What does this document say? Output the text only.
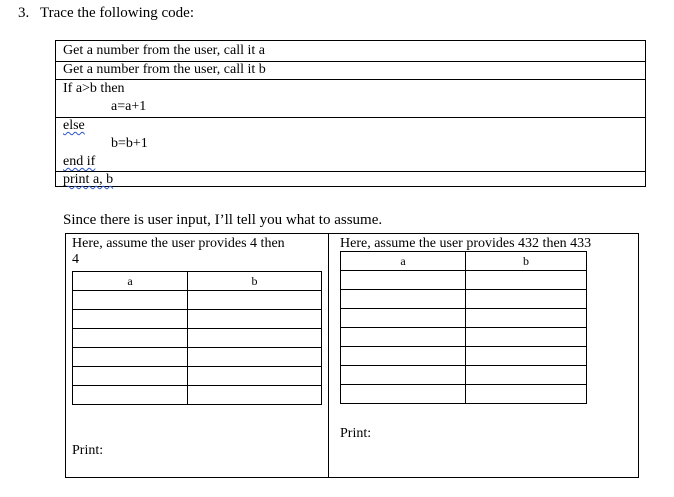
3. Trace the following code:
Get a number from the user, call it a
Get a number from the user, call it b
If a>b then
a=a+1
else
b=b+1
end if
print a, b
Since there is user input, I’ll tell you what to assume.
Here, assume the user provides 4 then
4
a	b

Print:
Here, assume the user provides 432 then 433
a	b

Print:
